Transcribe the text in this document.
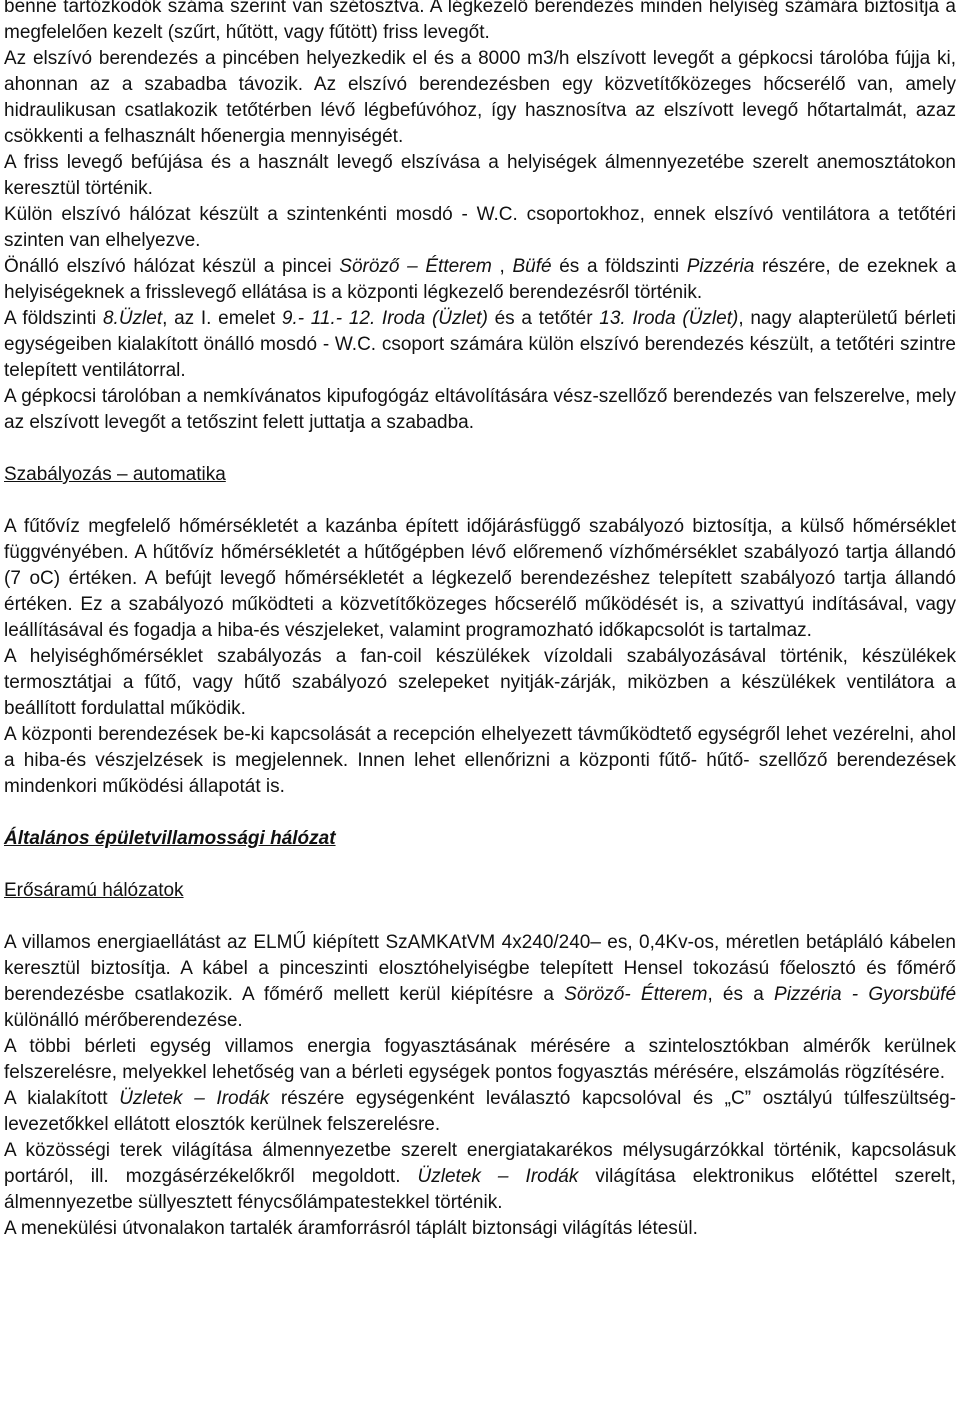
benne tartózkodók száma szerint van szétosztva. A légkezelő berendezés minden helyiség számára biztosítja a megfelelően kezelt (szűrt, hűtött, vagy fűtött) friss levegőt.

Az elszívó berendezés a pincében helyezkedik el és a 8000 m3/h elszívott levegőt a gépkocsi tárolóba fújja ki, ahonnan az a szabadba távozik. Az elszívó berendezésben egy közvetítőközeges hőcserélő van, amely hidraulikusan csatlakozik tetőtérben lévő légbefúvóhoz, így hasznosítva az elszívott levegő hőtartalmát, azaz csökkenti a felhasznált hőenergia mennyiségét.

A friss levegő befújása és a használt levegő elszívása a helyiségek álmennyezetébe szerelt anemosztátokon keresztül történik.

Külön elszívó hálózat készült a szintenkénti mosdó - W.C. csoportokhoz, ennek elszívó ventilátora a tetőtéri szinten van elhelyezve.

Önálló elszívó hálózat készül a pincei Söröző – Étterem , Büfé és a földszinti Pizzéria részére, de ezeknek a helyiségeknek a frisslevegő ellátása is a központi légkezelő berendezésről történik.

A földszinti 8.Üzlet, az I. emelet 9.- 11.- 12. Iroda (Üzlet) és a tetőtér 13. Iroda (Üzlet), nagy alapterületű bérleti egységeiben kialakított önálló mosdó - W.C. csoport számára külön elszívó berendezés készült, a tetőtéri szintre telepített ventilátorral.

A gépkocsi tárolóban a nemkívánatos kipufogógáz eltávolítására vész-szellőző berendezés van felszerelve, mely az elszívott levegőt a tetőszint felett juttatja a szabadba.

Szabályozás – automatika

A fűtővíz megfelelő hőmérsékletét a kazánba épített időjárásfüggő szabályozó biztosítja, a külső hőmérséklet függvényében. A hűtővíz hőmérsékletét a hűtőgépben lévő előremenő vízhőmérséklet szabályozó tartja állandó (7 oC) értéken. A befújt levegő hőmérsékletét a légkezelő berendezéshez telepített szabályozó tartja állandó értéken. Ez a szabályozó működteti a közvetítőközeges hőcserélő működését is, a szivattyú indításával, vagy leállításával és fogadja a hiba-és vészjeleket, valamint programozható időkapcsolót is tartalmaz.

A helyiséghőmérséklet szabályozás a fan-coil készülékek vízoldali szabályozásával történik, készülékek termosztátjai a fűtő, vagy hűtő szabályozó szelepeket nyitják-zárják, miközben a készülékek ventilátora a beállított fordulattal működik.

A központi berendezések be-ki kapcsolását a recepción elhelyezett távműködtető egységről lehet vezérelni, ahol a hiba-és vészjelzések is megjelennek. Innen lehet ellenőrizni a központi fűtő- hűtő- szellőző berendezések mindenkori működési állapotát is.

Általános épületvillamossági hálózat
Erősáramú hálózatok

A villamos energiaellátást az ELMŰ kiépített SzAMKAtVM 4x240/240– es, 0,4Kv-os, méretlen betápláló kábelen keresztül biztosítja. A kábel a pinceszinti elosztóhelyiségbe telepített Hensel tokozású főelosztó és főmérő berendezésbe csatlakozik. A főmérő mellett kerül kiépítésre a Söröző- Étterem, és a Pizzéria - Gyorsbüfé különálló mérőberendezése.

A többi bérleti egység villamos energia fogyasztásának mérésére a szintelosztókban almérők kerülnek felszerelésre, melyekkel lehetőség van a bérleti egységek pontos fogyasztás mérésére, elszámolás rögzítésére.

A kialakított Üzletek – Irodák részére egységenként leválasztó kapcsolóval és „C” osztályú túlfeszültség-levezetőkkel ellátott elosztók kerülnek felszerelésre.

A közösségi terek világítása álmennyezetbe szerelt energiatakarékos mélysugárzókkal történik, kapcsolásuk portáról, ill. mozgásérzékelőkről megoldott. Üzletek – Irodák világítása elektronikus előtéttel szerelt, álmennyezetbe süllyesztett fénycsőlámpatestekkel történik.

A menekülési útvonalakon tartalék áramforrásról táplált biztonsági világítás létesül.
